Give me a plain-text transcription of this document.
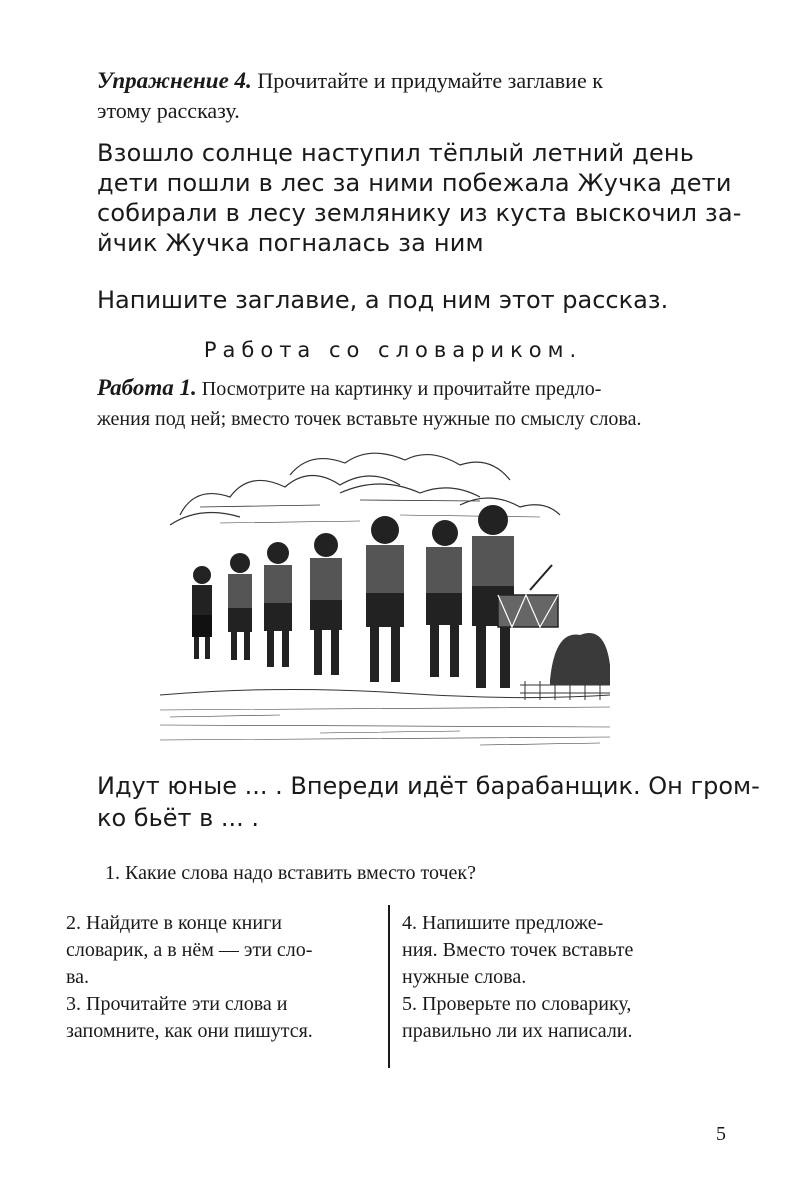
Упражнение 4. Прочитайте и придумайте заглавие к
этому рассказу.
Взошло солнце наступил тёплый летний день
дети пошли в лес за ними побежала Жучка дети
собирали в лесу землянику из куста выскочил за-
йчик Жучка погналась за ним
Напишите заглавие, а под ним этот рассказ.
Работа со словариком.
Работа 1. Посмотрите на картинку и прочитайте предло-
жения под ней; вместо точек вставьте нужные по смыслу слова.
Идут юные ... . Впереди идёт барабанщик. Он гром-
ко бьёт в ... .
1. Какие слова надо вставить вместо точек?
2. Найдите в конце книги
словарик, а в нём — эти сло-
ва.
3. Прочитайте эти слова и
запомните, как они пишутся.
4. Напишите предложе-
ния. Вместо точек вставьте
нужные слова.
5. Проверьте по словарику,
правильно ли их написали.
5
